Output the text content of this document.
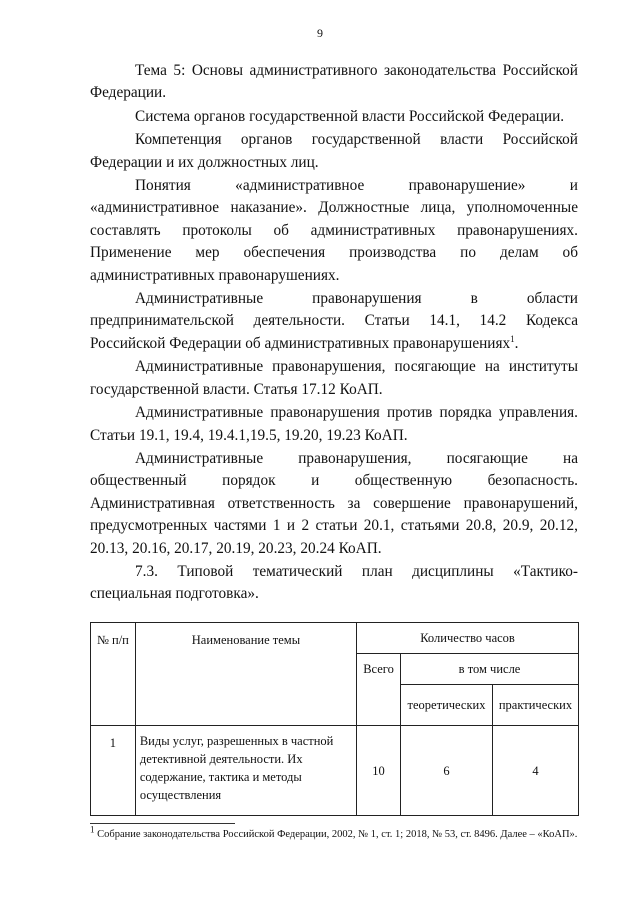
9

Тема 5: Основы административного законодательства Российской Федерации.

Система органов государственной власти Российской Федерации.

Компетенция органов государственной власти Российской Федерации и их должностных лиц.

Понятия «административное правонарушение» и «административное наказание». Должностные лица, уполномоченные составлять протоколы об административных правонарушениях. Применение мер обеспечения производства по делам об административных правонарушениях.

Административные правонарушения в области предпринимательской деятельности. Статьи 14.1, 14.2 Кодекса Российской Федерации об административных правонарушениях$^1$.

Административные правонарушения, посягающие на институты государственной власти. Статья 17.12 КоАП.

Административные правонарушения против порядка управления. Статьи 19.1, 19.4, 19.4.1,19.5, 19.20, 19.23 КоАП.

Административные правонарушения, посягающие на общественный порядок и общественную безопасность. Административная ответственность за совершение правонарушений, предусмотренных частями 1 и 2 статьи 20.1, статьями 20.8, 20.9, 20.12, 20.13, 20.16, 20.17, 20.19, 20.23, 20.24 КоАП.

7.3. Типовой тематический план дисциплины «Тактико-специальная подготовка».

№ п/п	Наименование темы	Количество часов		
		Всего	в том числе	
			теоретических	практических
1	Виды услуг, разрешенных в частной детективной деятельности. Их содержание, тактика и методы осуществления	10	6	4
$^1$ Собрание законодательства Российской Федерации, 2002, № 1, ст. 1; 2018, № 53, ст. 8496. Далее – «КоАП».
